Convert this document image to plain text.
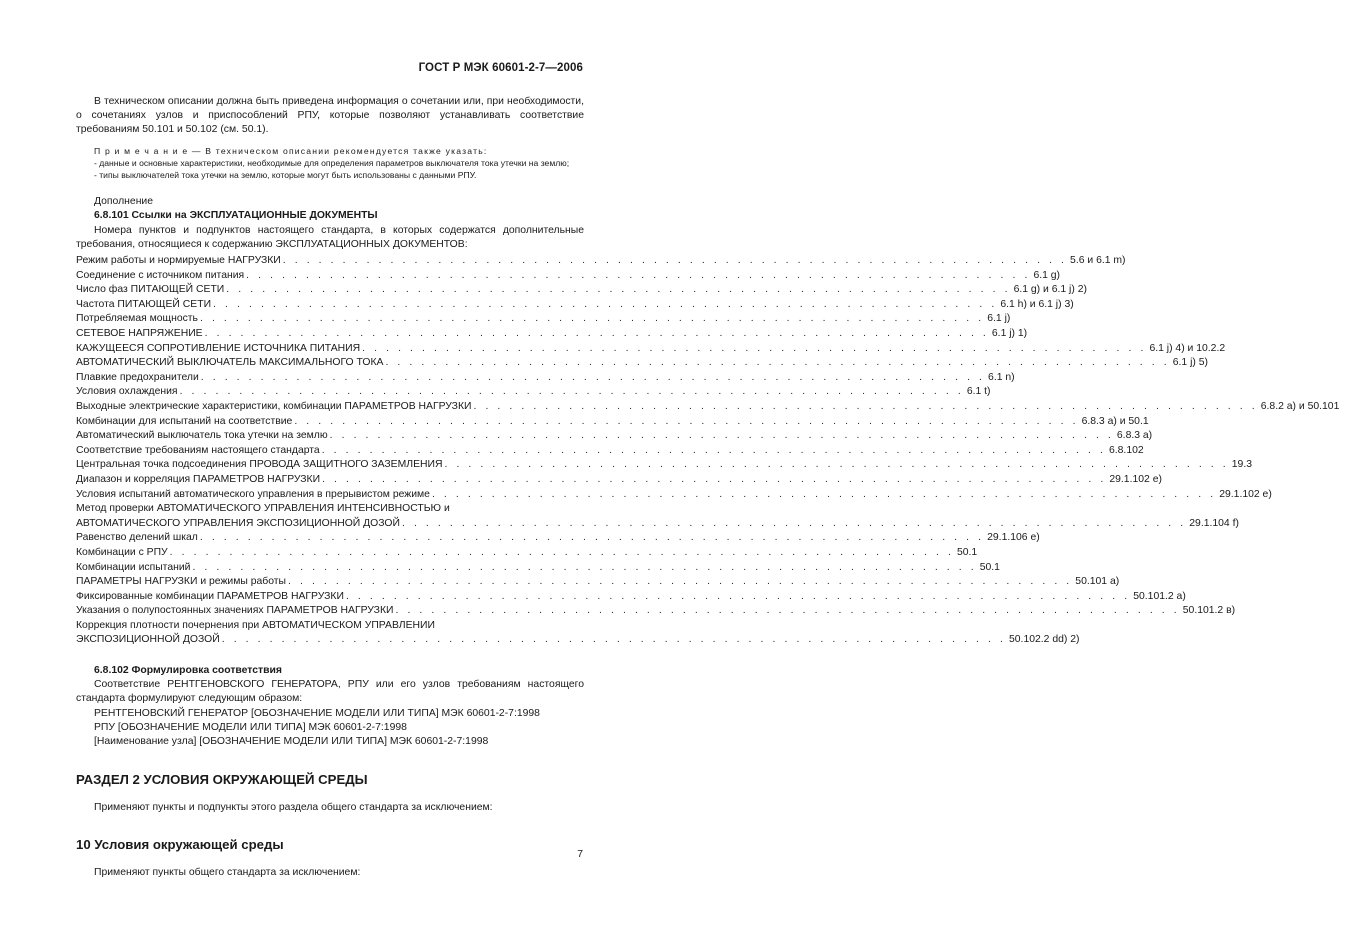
ГОСТ Р МЭК 60601-2-7—2006

В техническом описании должна быть приведена информация о сочетании или, при необходимости, о сочетаниях узлов и приспособлений РПУ, которые позволяют устанавливать соответствие требованиям 50.101 и 50.102 (см. 50.1).

П р и м е ч а н и е — В техническом описании рекомендуется также указать:
- данные и основные характеристики, необходимые для определения параметров выключателя тока утечки на землю;
- типы выключателей тока утечки на землю, которые могут быть использованы с данными РПУ.

Дополнение

6.8.101 Ссылки на ЭКСПЛУАТАЦИОННЫЕ ДОКУМЕНТЫ

Номера пунктов и подпунктов настоящего стандарта, в которых содержатся дополнительные требования, относящиеся к содержанию ЭКСПЛУАТАЦИОННЫХ ДОКУМЕНТОВ:

Режим работы и нормируемые НАГРУЗКИ . . . . . . . . . . . . . . . . . . . . . . . . . . . . . . . . . . . . . . . . . . . . . . . . . . . . . . . . . . . . . . . . . . 5.6 и 6.1 m)
Соединение с источником питания . . . . . . . . . . . . . . . . . . . . . . . . . . . . . . . . . . . . . . . . . . . . . . . . . . . . . . . . . . . . . . . . . . 6.1 g)
Число фаз ПИТАЮЩЕЙ СЕТИ . . . . . . . . . . . . . . . . . . . . . . . . . . . . . . . . . . . . . . . . . . . . . . . . . . . . . . . . . . . . . . . . . . 6.1 g) и 6.1 j) 2)
Частота ПИТАЮЩЕЙ СЕТИ . . . . . . . . . . . . . . . . . . . . . . . . . . . . . . . . . . . . . . . . . . . . . . . . . . . . . . . . . . . . . . . . . . 6.1 h) и 6.1 j) 3)
Потребляемая мощность . . . . . . . . . . . . . . . . . . . . . . . . . . . . . . . . . . . . . . . . . . . . . . . . . . . . . . . . . . . . . . . . . . 6.1 j)
СЕТЕВОЕ НАПРЯЖЕНИЕ . . . . . . . . . . . . . . . . . . . . . . . . . . . . . . . . . . . . . . . . . . . . . . . . . . . . . . . . . . . . . . . . . . 6.1 j) 1)
КАЖУЩЕЕСЯ СОПРОТИВЛЕНИЕ ИСТОЧНИКА ПИТАНИЯ . . . . . . . . . . . . . . . . . . . . . . . . . . . . . . . . . . . . . . . . . . . . . . . . . . . . . . . . . . . . . . . . . . 6.1 j) 4) и 10.2.2
АВТОМАТИЧЕСКИЙ ВЫКЛЮЧАТЕЛЬ МАКСИМАЛЬНОГО ТОКА . . . . . . . . . . . . . . . . . . . . . . . . . . . . . . . . . . . . . . . . . . . . . . . . . . . . . . . . . . . . . . . . . . 6.1 j) 5)
Плавкие предохранители . . . . . . . . . . . . . . . . . . . . . . . . . . . . . . . . . . . . . . . . . . . . . . . . . . . . . . . . . . . . . . . . . . 6.1 n)
Условия охлаждения . . . . . . . . . . . . . . . . . . . . . . . . . . . . . . . . . . . . . . . . . . . . . . . . . . . . . . . . . . . . . . . . . . 6.1 t)
Выходные электрические характеристики, комбинации ПАРАМЕТРОВ НАГРУЗКИ . . . . . . . . . . . . . . . . . . . . . . . . . . . . . . . . . . . . . . . . . . . . . . . . . . . . . . . . . . . . . . . . . . 6.8.2 а) и 50.101
Комбинации для испытаний на соответствие . . . . . . . . . . . . . . . . . . . . . . . . . . . . . . . . . . . . . . . . . . . . . . . . . . . . . . . . . . . . . . . . . . 6.8.3 а) и 50.1
Автоматический выключатель тока утечки на землю . . . . . . . . . . . . . . . . . . . . . . . . . . . . . . . . . . . . . . . . . . . . . . . . . . . . . . . . . . . . . . . . . . 6.8.3 а)
Соответствие требованиям настоящего стандарта . . . . . . . . . . . . . . . . . . . . . . . . . . . . . . . . . . . . . . . . . . . . . . . . . . . . . . . . . . . . . . . . . . 6.8.102
Центральная точка подсоединения ПРОВОДА ЗАЩИТНОГО ЗАЗЕМЛЕНИЯ . . . . . . . . . . . . . . . . . . . . . . . . . . . . . . . . . . . . . . . . . . . . . . . . . . . . . . . . . . . . . . . . . . 19.3
Диапазон и корреляция ПАРАМЕТРОВ НАГРУЗКИ . . . . . . . . . . . . . . . . . . . . . . . . . . . . . . . . . . . . . . . . . . . . . . . . . . . . . . . . . . . . . . . . . . 29.1.102 е)
Условия испытаний автоматического управления в прерывистом режиме . . . . . . . . . . . . . . . . . . . . . . . . . . . . . . . . . . . . . . . . . . . . . . . . . . . . . . . . . . . . . . . . . . 29.1.102 е)
Метод проверки АВТОМАТИЧЕСКОГО УПРАВЛЕНИЯ ИНТЕНСИВНОСТЬЮ и
АВТОМАТИЧЕСКОГО УПРАВЛЕНИЯ ЭКСПОЗИЦИОННОЙ ДОЗОЙ . . . . . . . . . . . . . . . . . . . . . . . . . . . . . . . . . . . . . . . . . . . . . . . . . . . . . . . . . . . . . . . . . . 29.1.104 f)
Равенство делений шкал . . . . . . . . . . . . . . . . . . . . . . . . . . . . . . . . . . . . . . . . . . . . . . . . . . . . . . . . . . . . . . . . . . 29.1.106 е)
Комбинации с РПУ . . . . . . . . . . . . . . . . . . . . . . . . . . . . . . . . . . . . . . . . . . . . . . . . . . . . . . . . . . . . . . . . . . 50.1
Комбинации испытаний . . . . . . . . . . . . . . . . . . . . . . . . . . . . . . . . . . . . . . . . . . . . . . . . . . . . . . . . . . . . . . . . . . 50.1
ПАРАМЕТРЫ НАГРУЗКИ и режимы работы . . . . . . . . . . . . . . . . . . . . . . . . . . . . . . . . . . . . . . . . . . . . . . . . . . . . . . . . . . . . . . . . . . 50.101 а)
Фиксированные комбинации ПАРАМЕТРОВ НАГРУЗКИ . . . . . . . . . . . . . . . . . . . . . . . . . . . . . . . . . . . . . . . . . . . . . . . . . . . . . . . . . . . . . . . . . . 50.101.2 а)
Указания о полупостоянных значениях ПАРАМЕТРОВ НАГРУЗКИ . . . . . . . . . . . . . . . . . . . . . . . . . . . . . . . . . . . . . . . . . . . . . . . . . . . . . . . . . . . . . . . . . . 50.101.2 в)
Коррекция плотности почернения при АВТОМАТИЧЕСКОМ УПРАВЛЕНИИ
ЭКСПОЗИЦИОННОЙ ДОЗОЙ . . . . . . . . . . . . . . . . . . . . . . . . . . . . . . . . . . . . . . . . . . . . . . . . . . . . . . . . . . . . . . . . . . 50.102.2 dd) 2)

6.8.102 Формулировка соответствия

Соответствие РЕНТГЕНОВСКОГО ГЕНЕРАТОРА, РПУ или его узлов требованиям настоящего стандарта формулируют следующим образом:

РЕНТГЕНОВСКИЙ ГЕНЕРАТОР [ОБОЗНАЧЕНИЕ МОДЕЛИ ИЛИ ТИПА] МЭК 60601-2-7:1998

РПУ [ОБОЗНАЧЕНИЕ МОДЕЛИ ИЛИ ТИПА] МЭК 60601-2-7:1998

[Наименование узла] [ОБОЗНАЧЕНИЕ МОДЕЛИ ИЛИ ТИПА] МЭК 60601-2-7:1998

РАЗДЕЛ 2 УСЛОВИЯ ОКРУЖАЮЩЕЙ СРЕДЫ

Применяют пункты и подпункты этого раздела общего стандарта за исключением:

10 Условия окружающей среды

Применяют пункты общего стандарта за исключением:

7
